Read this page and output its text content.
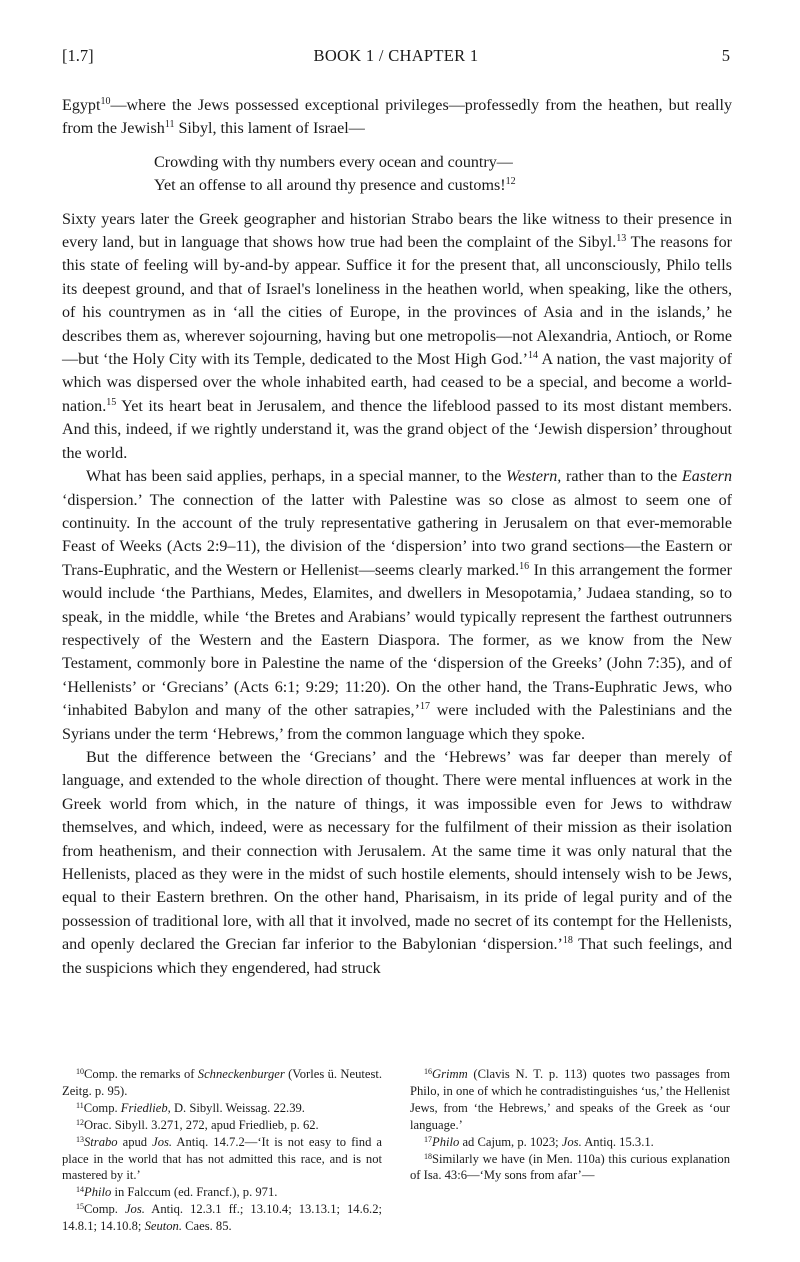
[1.7]	BOOK 1 / CHAPTER 1	5

Egypt$^{10}$—where the Jews possessed exceptional privileges—professedly from the heathen, but really from the Jewish$^{11}$ Sibyl, this lament of Israel—

Crowding with thy numbers every ocean and country—
Yet an offense to all around thy presence and customs!$^{12}$

Sixty years later the Greek geographer and historian Strabo bears the like witness to their presence in every land, but in language that shows how true had been the complaint of the Sibyl.$^{13}$ The reasons for this state of feeling will by-and-by appear. Suffice it for the present that, all unconsciously, Philo tells its deepest ground, and that of Israel's loneliness in the heathen world, when speaking, like the others, of his countrymen as in ‘all the cities of Europe, in the provinces of Asia and in the islands,’ he describes them as, wherever sojourning, having but one metropolis—not Alexandria, Antioch, or Rome—but ‘the Holy City with its Temple, dedicated to the Most High God.’$^{14}$ A nation, the vast majority of which was dispersed over the whole inhabited earth, had ceased to be a special, and become a world-nation.$^{15}$ Yet its heart beat in Jerusalem, and thence the lifeblood passed to its most distant members. And this, indeed, if we rightly understand it, was the grand object of the ‘Jewish dispersion’ throughout the world.

What has been said applies, perhaps, in a special manner, to the Western, rather than to the Eastern ‘dispersion.’ The connection of the latter with Palestine was so close as almost to seem one of continuity. In the account of the truly representative gathering in Jerusalem on that ever-memorable Feast of Weeks (Acts 2:9–11), the division of the ‘dispersion’ into two grand sections—the Eastern or Trans-Euphratic, and the Western or Hellenist—seems clearly marked.$^{16}$ In this arrangement the former would include ‘the Parthians, Medes, Elamites, and dwellers in Mesopotamia,’ Judaea standing, so to speak, in the middle, while ‘the Bretes and Arabians’ would typically represent the farthest outrunners respectively of the Western and the Eastern Diaspora. The former, as we know from the New Testament, commonly bore in Palestine the name of the ‘dispersion of the Greeks’ (John 7:35), and of ‘Hellenists’ or ‘Grecians’ (Acts 6:1; 9:29; 11:20). On the other hand, the Trans-Euphratic Jews, who ‘inhabited Babylon and many of the other satrapies,’$^{17}$ were included with the Palestinians and the Syrians under the term ‘Hebrews,’ from the common language which they spoke.

But the difference between the ‘Grecians’ and the ‘Hebrews’ was far deeper than merely of language, and extended to the whole direction of thought. There were mental influences at work in the Greek world from which, in the nature of things, it was impossible even for Jews to withdraw themselves, and which, indeed, were as necessary for the fulfilment of their mission as their isolation from heathenism, and their connection with Jerusalem. At the same time it was only natural that the Hellenists, placed as they were in the midst of such hostile elements, should intensely wish to be Jews, equal to their Eastern brethren. On the other hand, Pharisaism, in its pride of legal purity and of the possession of traditional lore, with all that it involved, made no secret of its contempt for the Hellenists, and openly declared the Grecian far inferior to the Babylonian ‘dispersion.’$^{18}$ That such feelings, and the suspicions which they engendered, had struck

$^{10}$Comp. the remarks of Schneckenburger (Vorles ü. Neutest. Zeitg. p. 95).
$^{11}$Comp. Friedlieb, D. Sibyll. Weissag. 22.39.
$^{12}$Orac. Sibyll. 3.271, 272, apud Friedlieb, p. 62.
$^{13}$Strabo apud Jos. Antiq. 14.7.2—‘It is not easy to find a place in the world that has not admitted this race, and is not mastered by it.’
$^{14}$Philo in Falccum (ed. Francf.), p. 971.
$^{15}$Comp. Jos. Antiq. 12.3.1 ff.; 13.10.4; 13.13.1; 14.6.2; 14.8.1; 14.10.8; Seuton. Caes. 85.
$^{16}$Grimm (Clavis N. T. p. 113) quotes two passages from Philo, in one of which he contradistinguishes ‘us,’ the Hellenist Jews, from ‘the Hebrews,’ and speaks of the Greek as ‘our language.’
$^{17}$Philo ad Cajum, p. 1023; Jos. Antiq. 15.3.1.
$^{18}$Similarly we have (in Men. 110a) this curious explanation of Isa. 43:6—‘My sons from afar’—
